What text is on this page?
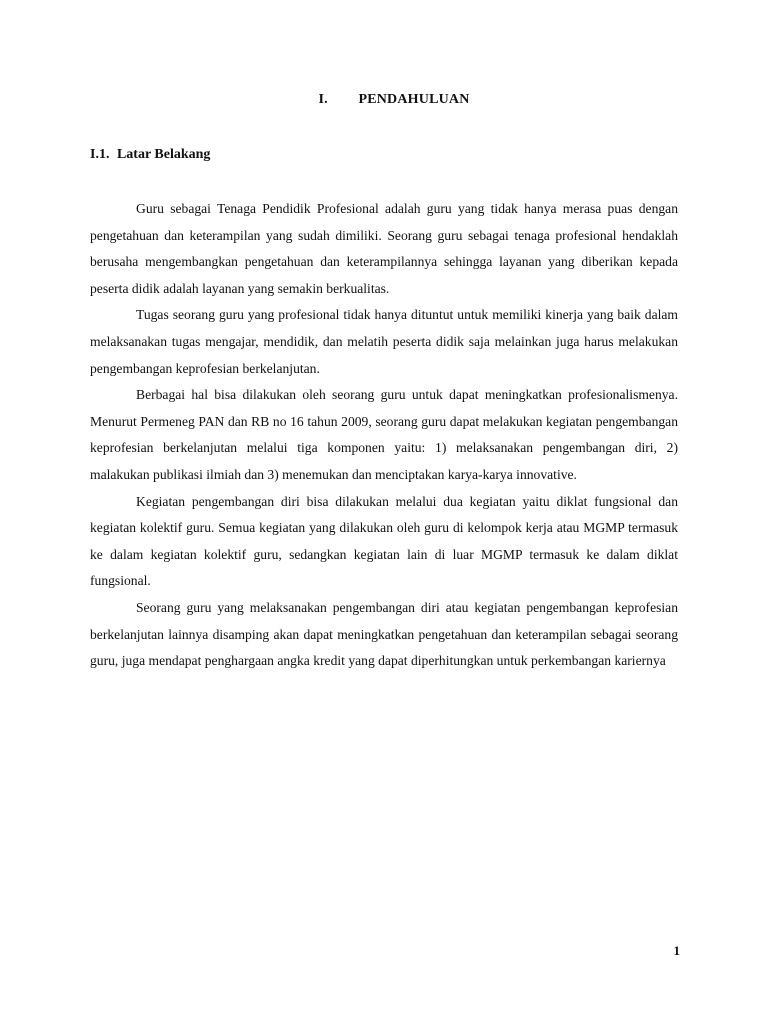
I. PENDAHULUAN
I.1. Latar Belakang

Guru sebagai Tenaga Pendidik Profesional adalah guru yang tidak hanya merasa puas dengan pengetahuan dan keterampilan yang sudah dimiliki. Seorang guru sebagai tenaga profesional hendaklah berusaha mengembangkan pengetahuan dan keterampilannya sehingga layanan yang diberikan kepada peserta didik adalah layanan yang semakin berkualitas.

Tugas seorang guru yang profesional tidak hanya dituntut untuk memiliki kinerja yang baik dalam melaksanakan tugas mengajar, mendidik, dan melatih peserta didik saja melainkan juga harus melakukan pengembangan keprofesian berkelanjutan.

Berbagai hal bisa dilakukan oleh seorang guru untuk dapat meningkatkan profesionalismenya. Menurut Permeneg PAN dan RB no 16 tahun 2009, seorang guru dapat melakukan kegiatan pengembangan keprofesian berkelanjutan melalui tiga komponen yaitu: 1) melaksanakan pengembangan diri, 2) malakukan publikasi ilmiah dan 3) menemukan dan menciptakan karya-karya innovative.

Kegiatan pengembangan diri bisa dilakukan melalui dua kegiatan yaitu diklat fungsional dan kegiatan kolektif guru. Semua kegiatan yang dilakukan oleh guru di kelompok kerja atau MGMP termasuk ke dalam kegiatan kolektif guru, sedangkan kegiatan lain di luar MGMP termasuk ke dalam diklat fungsional.

Seorang guru yang melaksanakan pengembangan diri atau kegiatan pengembangan keprofesian berkelanjutan lainnya disamping akan dapat meningkatkan pengetahuan dan keterampilan sebagai seorang guru, juga mendapat penghargaan angka kredit yang dapat diperhitungkan untuk perkembangan kariernya

1
